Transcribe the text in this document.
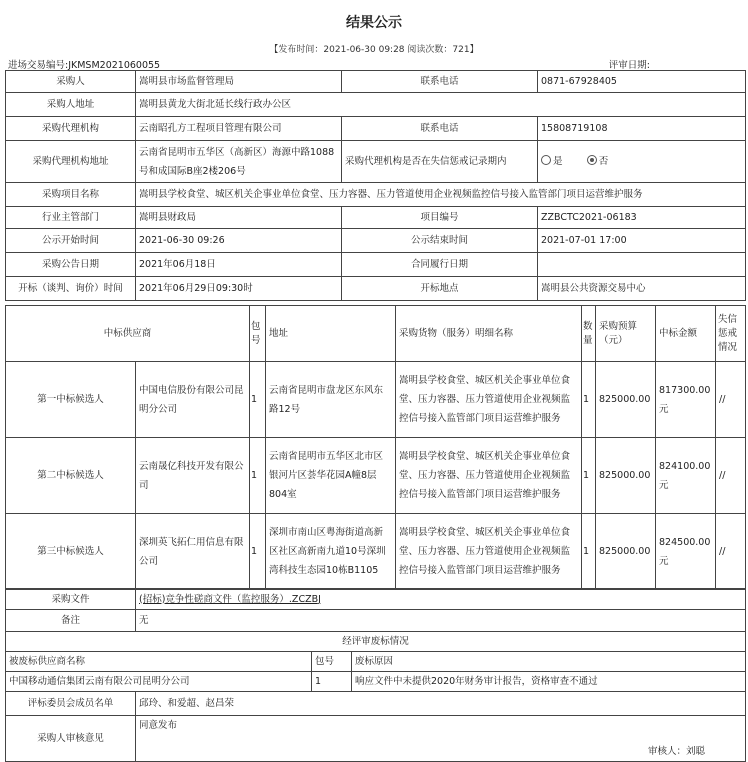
结果公示
【发布时间：2021-06-30 09:28 阅读次数：721】
进场交易编号:JKMSM2021060055	评审日期:
采购人	嵩明县市场监督管理局	联系电话	0871-67928405
采购人地址	嵩明县黄龙大街北延长线行政办公区		
采购代理机构	云南昭孔方工程项目管理有限公司	联系电话	15808719108
采购代理机构地址	云南省昆明市五华区（高新区）海源中路1088号和成国际B座2楼206号	采购代理机构是否在失信惩戒记录期内	是 否
采购项目名称	嵩明县学校食堂、城区机关企事业单位食堂、压力容器、压力管道使用企业视频监控信号接入监管部门项目运营维护服务		
行业主管部门	嵩明县财政局	项目编号	ZZBCTC2021-06183
公示开始时间	2021-06-30 09:26	公示结束时间	2021-07-01 17:00
采购公告日期	2021年06月18日	合同履行日期	
开标（谈判、询价）时间	2021年06月29日09:30时	开标地点	嵩明县公共资源交易中心
中标供应商		包号	地址	采购货物（服务）明细名称	数量	采购预算（元）	中标金额	失信惩戒情况
第一中标候选人	中国电信股份有限公司昆明分公司	1	云南省昆明市盘龙区东风东路12号	嵩明县学校食堂、城区机关企事业单位食堂、压力容器、压力管道使用企业视频监控信号接入监管部门项目运营维护服务	1	825000.00	817300.00元	//
第二中标候选人	云南晟亿科技开发有限公司	1	云南省昆明市五华区北市区银河片区荟华花园A幢8层804室	嵩明县学校食堂、城区机关企事业单位食堂、压力容器、压力管道使用企业视频监控信号接入监管部门项目运营维护服务	1	825000.00	824100.00元	//
第三中标候选人	深圳英飞拓仁用信息有限公司	1	深圳市南山区粤海街道高新区社区高新南九道10号深圳湾科技生态园10栋B1105	嵩明县学校食堂、城区机关企事业单位食堂、压力容器、压力管道使用企业视频监控信号接入监管部门项目运营维护服务	1	825000.00	824500.00元	//
采购文件	(招标)竞争性磋商文件（监控服务）.ZCZBJ		
备注	无		
经评审废标情况			
被废标供应商名称		包号	废标原因
中国移动通信集团云南有限公司昆明分公司		1	响应文件中未提供2020年财务审计报告，资格审查不通过
评标委员会成员名单	邱玲、和爱超、赵昌荣		
采购人审核意见	同意发布
审核人：刘聪		
